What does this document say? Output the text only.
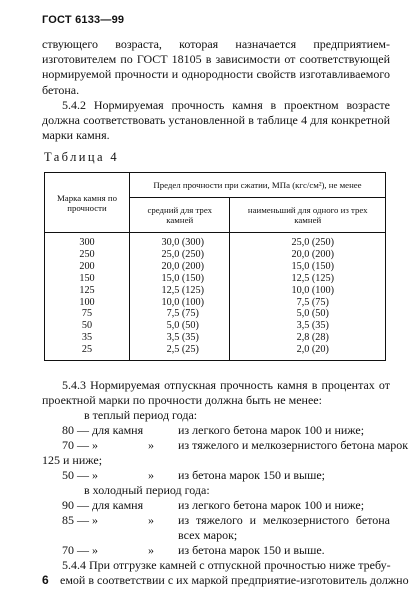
ГОСТ 6133—99
ствующего возраста, которая назначается предприятием-изготовителем по ГОСТ 18105 в зависимости от соответствующей нормируемой прочности и однородности свойств изготавливаемого бетона.
5.4.2 Нормируемая прочность камня в проектном возрасте должна соответствовать установленной в таблице 4 для конкретной марки камня.
Таблица 4
Марка камня по прочности	Предел прочности при сжатии, МПа (кгс/см²), не менее	
	средний для трех камней	наименьший для одного из трех камней
300	30,0 (300)	25,0 (250)
250	25,0 (250)	20,0 (200)
200	20,0 (200)	15,0 (150)
150	15,0 (150)	12,5 (125)
125	12,5 (125)	10,0 (100)
100	10,0 (100)	7,5 (75)
75	7,5 (75)	5,0 (50)
50	5,0 (50)	3,5 (35)
35	3,5 (35)	2,8 (28)
25	2,5 (25)	2,0 (20)
5.4.3 Нормируемая отпускная прочность камня в процентах от проектной марки по прочности должна быть не менее:
в теплый период года:
80 — для камня	из легкого бетона марок 100 и ниже;
70 — »	» из тяжелого и мелкозернистого бетона марок
125 и ниже;
50 — »	» из бетона марок 150 и выше;
в холодный период года:
90 — для камня	из легкого бетона марок 100 и ниже;
85 — »	» из тяжелого и мелкозернистого бетона всех марок;
70 — »	» из бетона марок 150 и выше.
5.4.4 При отгрузке камней с отпускной прочностью ниже требу-
емой в соответствии с их маркой предприятие-изготовитель должно
6
